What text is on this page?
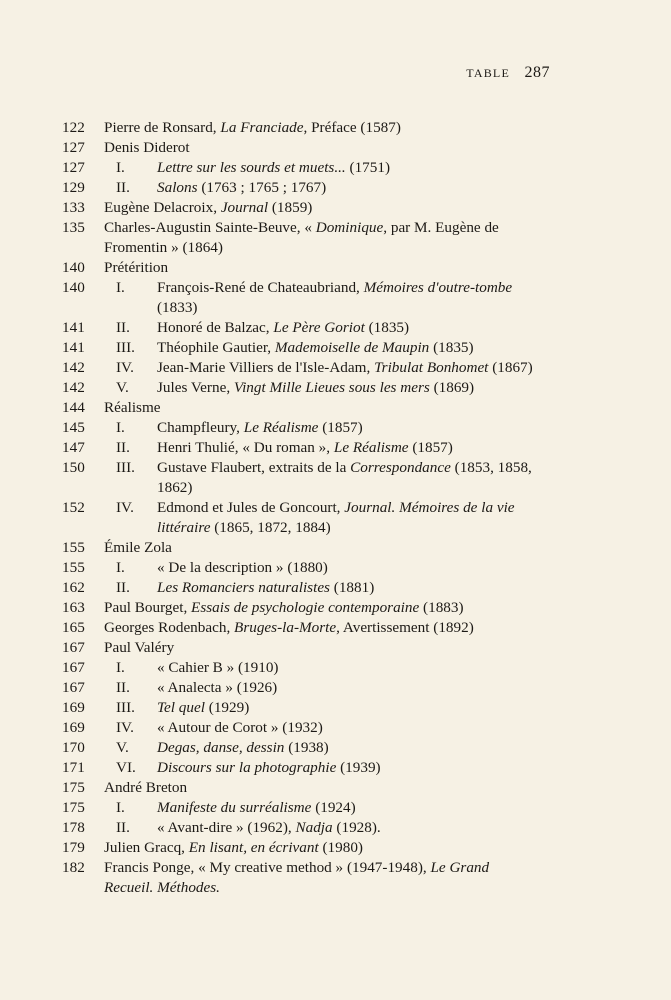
TABLE 287
122	Pierre de Ronsard, La Franciade, Préface (1587)
127	Denis Diderot
127	I.	Lettre sur les sourds et muets... (1751)
129	II.	Salons (1763 ; 1765 ; 1767)
133	Eugène Delacroix, Journal (1859)
135	Charles-Augustin Sainte-Beuve, « Dominique, par M. Eugène de Fromentin » (1864)
140	Prétérition
140	I.	François-René de Chateaubriand, Mémoires d'outre-tombe (1833)
141	II.	Honoré de Balzac, Le Père Goriot (1835)
141	III.	Théophile Gautier, Mademoiselle de Maupin (1835)
142	IV.	Jean-Marie Villiers de l'Isle-Adam, Tribulat Bonhomet (1867)
142	V.	Jules Verne, Vingt Mille Lieues sous les mers (1869)
144	Réalisme
145	I.	Champfleury, Le Réalisme (1857)
147	II.	Henri Thulié, « Du roman », Le Réalisme (1857)
150	III.	Gustave Flaubert, extraits de la Correspondance (1853, 1858, 1862)
152	IV.	Edmond et Jules de Goncourt, Journal. Mémoires de la vie littéraire (1865, 1872, 1884)
155	Émile Zola
155	I.	« De la description » (1880)
162	II.	Les Romanciers naturalistes (1881)
163	Paul Bourget, Essais de psychologie contemporaine (1883)
165	Georges Rodenbach, Bruges-la-Morte, Avertissement (1892)
167	Paul Valéry
167	I.	« Cahier B » (1910)
167	II.	« Analecta » (1926)
169	III.	Tel quel (1929)
169	IV.	« Autour de Corot » (1932)
170	V.	Degas, danse, dessin (1938)
171	VI.	Discours sur la photographie (1939)
175	André Breton
175	I.	Manifeste du surréalisme (1924)
178	II.	« Avant-dire » (1962), Nadja (1928).
179	Julien Gracq, En lisant, en écrivant (1980)
182	Francis Ponge, « My creative method » (1947-1948), Le Grand Recueil. Méthodes.
